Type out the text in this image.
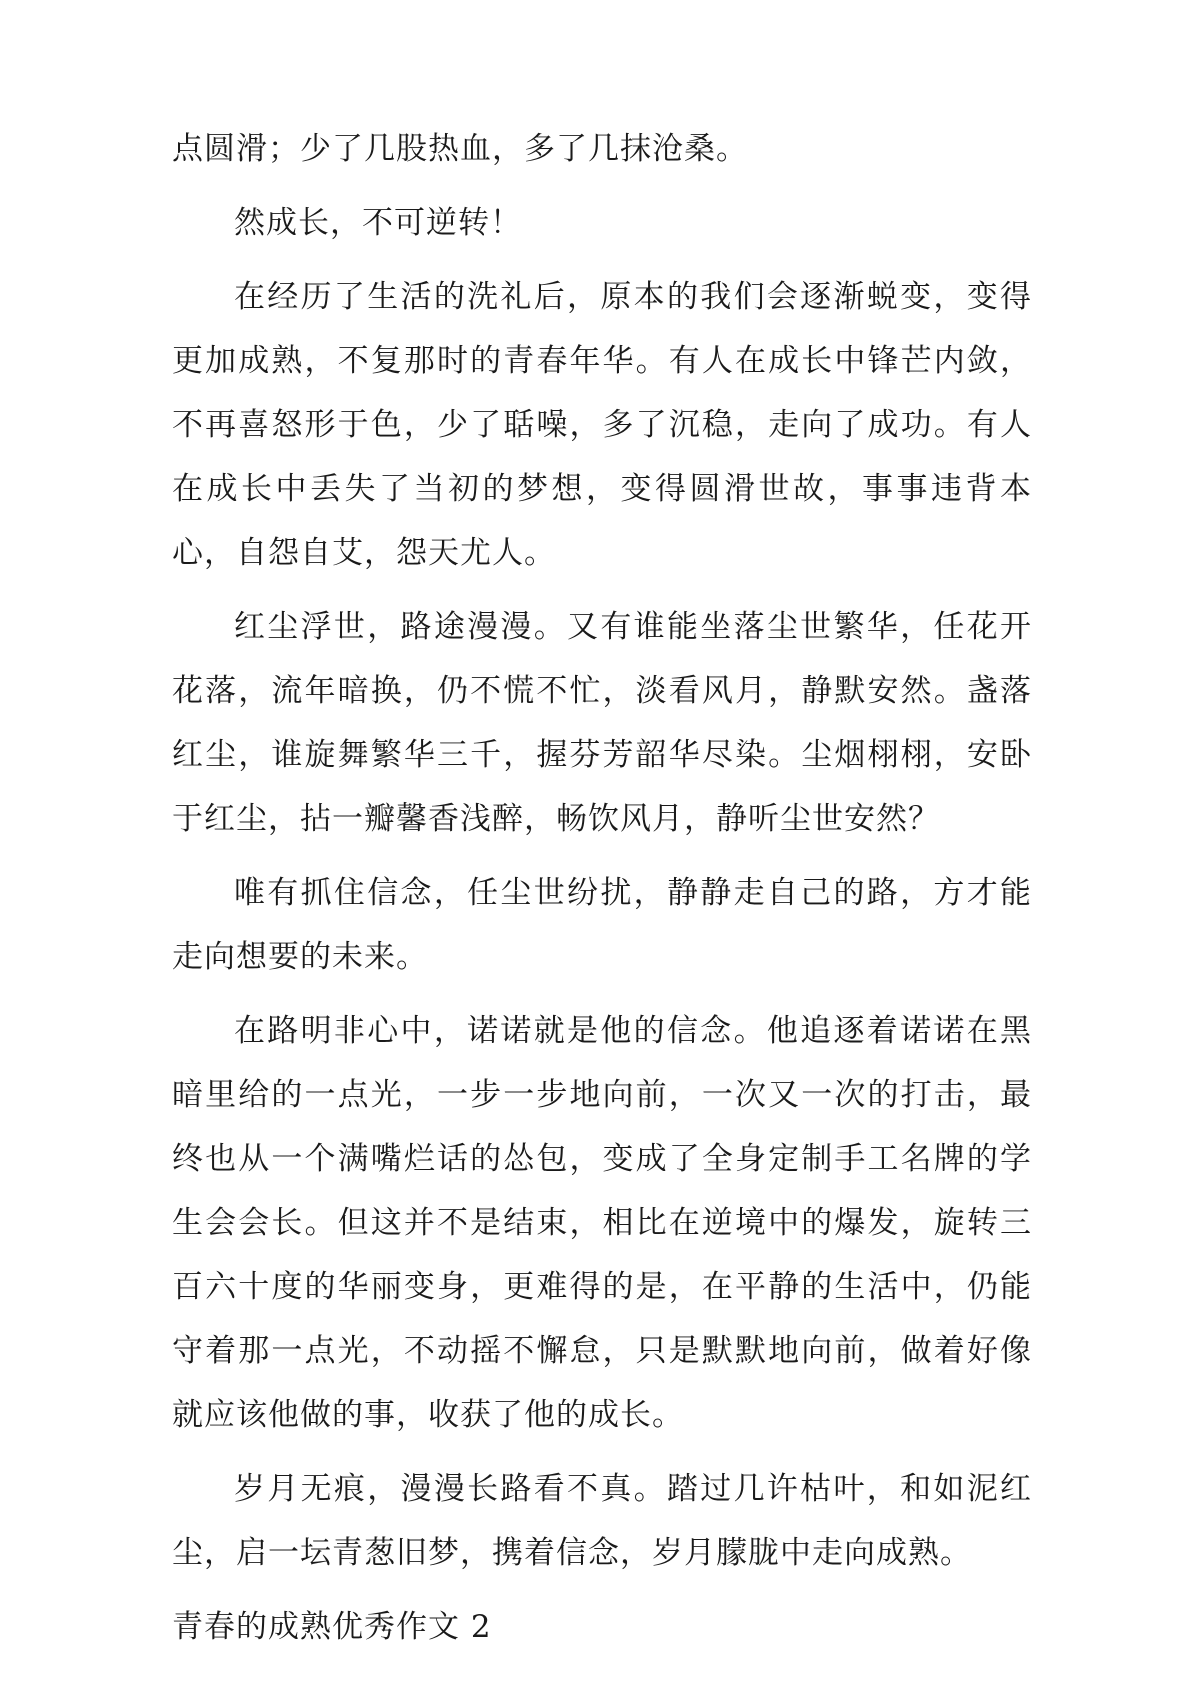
点圆滑；少了几股热血，多了几抹沧桑。

然成长，不可逆转！

在经历了生活的洗礼后，原本的我们会逐渐蜕变，变得更加成熟，不复那时的青春年华。有人在成长中锋芒内敛，不再喜怒形于色，少了聒噪，多了沉稳，走向了成功。有人在成长中丢失了当初的梦想，变得圆滑世故，事事违背本心，自怨自艾，怨天尤人。

红尘浮世，路途漫漫。又有谁能坐落尘世繁华，任花开花落，流年暗换，仍不慌不忙，淡看风月，静默安然。盏落红尘，谁旋舞繁华三千，握芬芳韶华尽染。尘烟栩栩，安卧于红尘，拈一瓣馨香浅醉，畅饮风月，静听尘世安然？

唯有抓住信念，任尘世纷扰，静静走自己的路，方才能走向想要的未来。

在路明非心中，诺诺就是他的信念。他追逐着诺诺在黑暗里给的一点光，一步一步地向前，一次又一次的打击，最终也从一个满嘴烂话的怂包，变成了全身定制手工名牌的学生会会长。但这并不是结束，相比在逆境中的爆发，旋转三百六十度的华丽变身，更难得的是，在平静的生活中，仍能守着那一点光，不动摇不懈怠，只是默默地向前，做着好像就应该他做的事，收获了他的成长。

岁月无痕，漫漫长路看不真。踏过几许枯叶，和如泥红尘，启一坛青葱旧梦，携着信念，岁月朦胧中走向成熟。

青春的成熟优秀作文 2
